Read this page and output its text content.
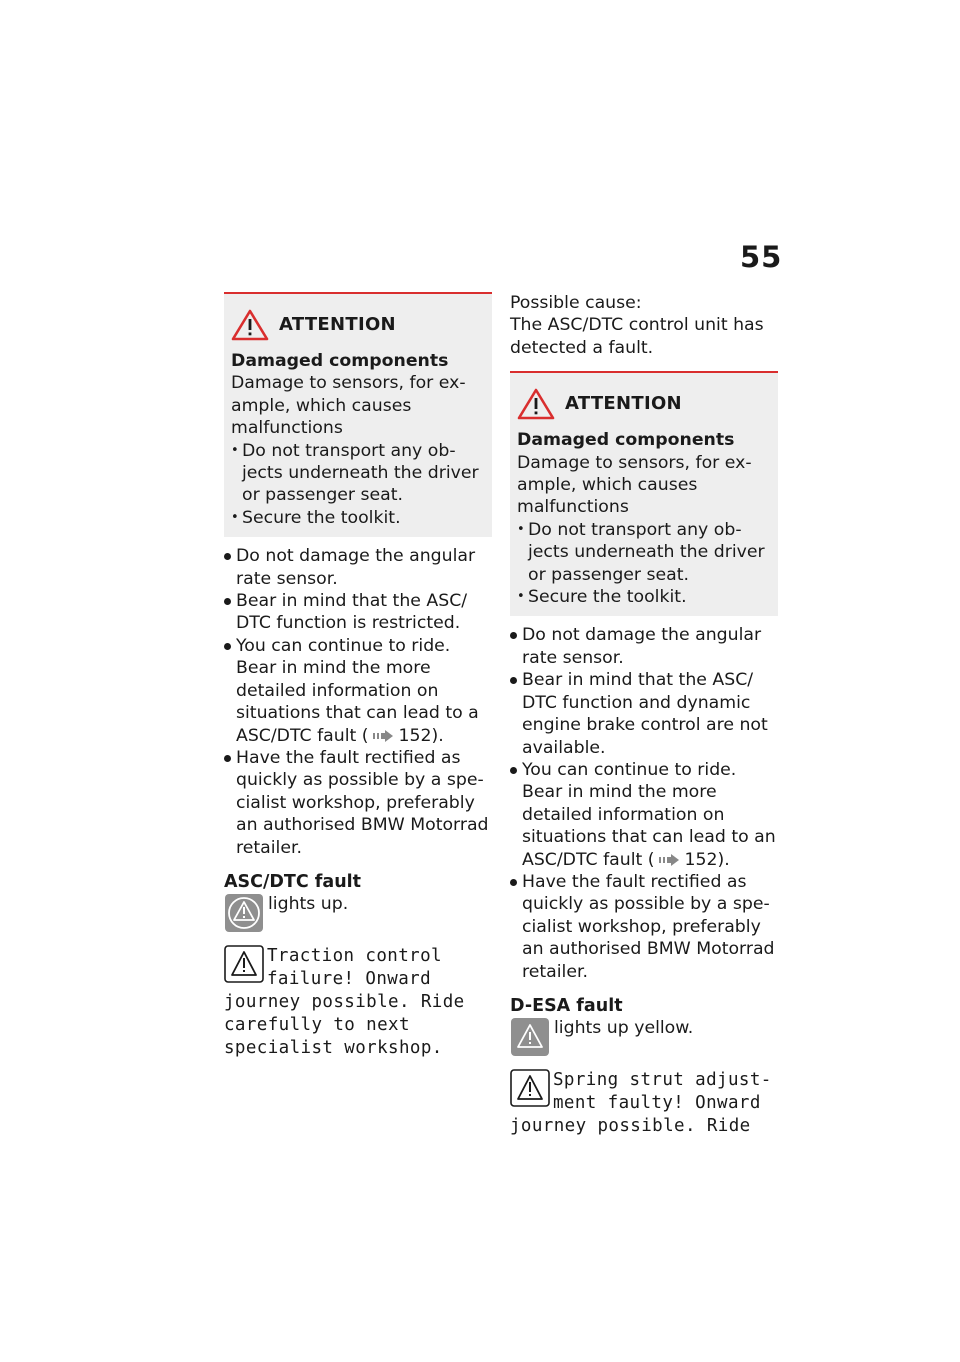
55
ATTENTION
Damaged components
Damage to sensors, for example, which causes malfunctions
• Do not transport any objects underneath the driver or passenger seat.
• Secure the toolkit.
Do not damage the angular rate sensor.
Bear in mind that the ASC/ DTC function is restricted.
You can continue to ride. Bear in mind the more detailed information on situations that can lead to a ASC/DTC fault ( 152).
Have the fault rectified as quickly as possible by a specialist workshop, preferably an authorised BMW Motorrad retailer.
ASC/DTC fault
lights up.
Traction control failure! Onward journey possible. Ride carefully to next specialist workshop.
Possible cause:
The ASC/DTC control unit has detected a fault.
ATTENTION
Damaged components
Damage to sensors, for example, which causes malfunctions
• Do not transport any objects underneath the driver or passenger seat.
• Secure the toolkit.
Do not damage the angular rate sensor.
Bear in mind that the ASC/ DTC function and dynamic engine brake control are not available.
You can continue to ride. Bear in mind the more detailed information on situations that can lead to an ASC/DTC fault ( 152).
Have the fault rectified as quickly as possible by a specialist workshop, preferably an authorised BMW Motorrad retailer.
D-ESA fault
lights up yellow.
Spring strut adjustment faulty! Onward journey possible. Ride
